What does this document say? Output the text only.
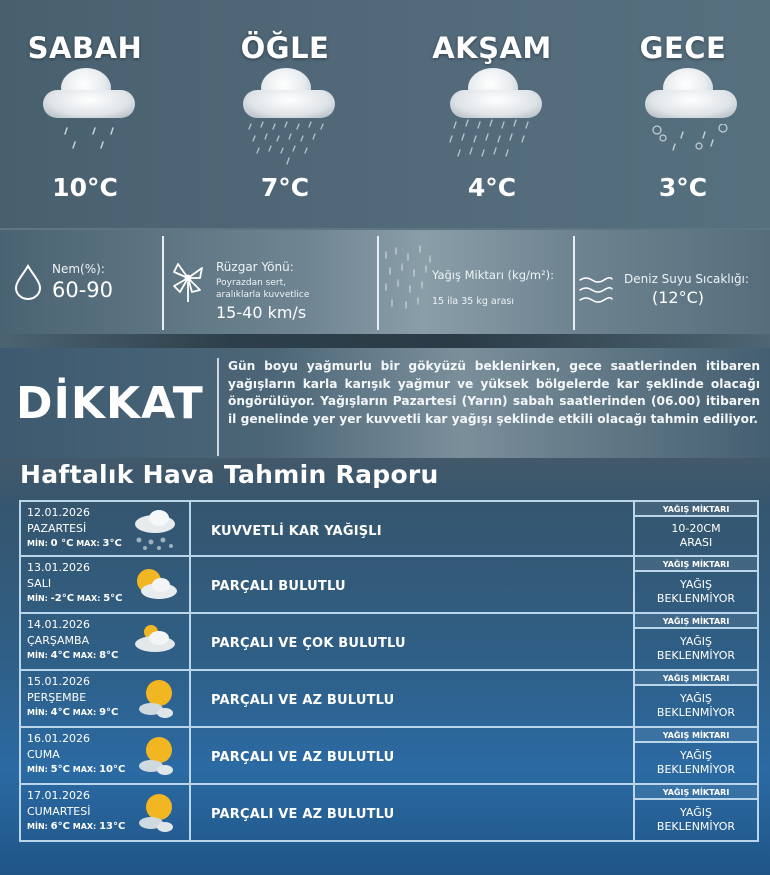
SABAH
10°C
ÖĞLE
7°C
AKŞAM
4°C
GECE
3°C
Nem(%):
60-90
Rüzgar Yönü:
Poyrazdan sert,
aralıklarla kuvvetlice
15-40 km/s
Yağış Miktarı (kg/m²):
15 ila 35 kg arası
Deniz Suyu Sıcaklığı:
(12°C)
DİKKAT
Gün boyu yağmurlu bir gökyüzü beklenirken, gece saatlerinden itibaren yağışların karla karışık yağmur ve yüksek bölgelerde kar şeklinde olacağı öngörülüyor. Yağışların Pazartesi (Yarın) sabah saatlerinden (06.00) itibaren il genelinde yer yer kuvvetli kar yağışı şeklinde etkili olacağı tahmin ediliyor.
Haftalık Hava Tahmin Raporu
12.01.2026
PAZARTESİ
MİN: 0 °C MAX: 3°C
KUVVETLİ KAR YAĞIŞLI
YAĞIŞ MİKTARI
10-20CM
ARASI
13.01.2026
SALI
MİN: -2°C MAX: 5°C
PARÇALI BULUTLU
YAĞIŞ MİKTARI
YAĞIŞ
BEKLENMİYOR
14.01.2026
ÇARŞAMBA
MİN: 4°C MAX: 8°C
PARÇALI VE ÇOK BULUTLU
YAĞIŞ MİKTARI
YAĞIŞ
BEKLENMİYOR
15.01.2026
PERŞEMBE
MİN: 4°C MAX: 9°C
PARÇALI VE AZ BULUTLU
YAĞIŞ MİKTARI
YAĞIŞ
BEKLENMİYOR
16.01.2026
CUMA
MİN: 5°C MAX: 10°C
PARÇALI VE AZ BULUTLU
YAĞIŞ MİKTARI
YAĞIŞ
BEKLENMİYOR
17.01.2026
CUMARTESİ
MİN: 6°C MAX: 13°C
PARÇALI VE AZ BULUTLU
YAĞIŞ MİKTARI
YAĞIŞ
BEKLENMİYOR
